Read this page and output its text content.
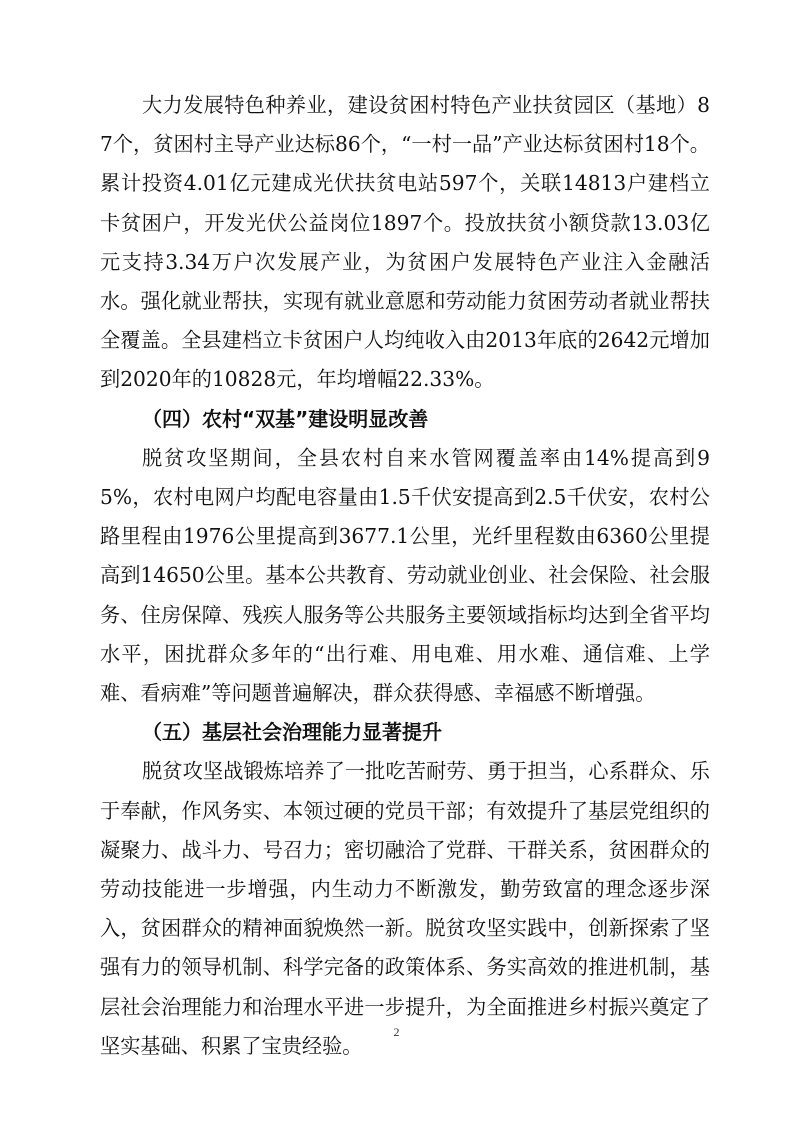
大力发展特色种养业，建设贫困村特色产业扶贫园区（基地）87个，贫困村主导产业达标86个，“一村一品”产业达标贫困村18个。累计投资4.01亿元建成光伏扶贫电站597个，关联14813户建档立卡贫困户，开发光伏公益岗位1897个。投放扶贫小额贷款13.03亿元支持3.34万户次发展产业，为贫困户发展特色产业注入金融活水。强化就业帮扶，实现有就业意愿和劳动能力贫困劳动者就业帮扶全覆盖。全县建档立卡贫困户人均纯收入由2013年底的2642元增加到2020年的10828元，年均增幅22.33%。

（四）农村“双基”建设明显改善

脱贫攻坚期间，全县农村自来水管网覆盖率由14%提高到95%，农村电网户均配电容量由1.5千伏安提高到2.5千伏安，农村公路里程由1976公里提高到3677.1公里，光纤里程数由6360公里提高到14650公里。基本公共教育、劳动就业创业、社会保险、社会服务、住房保障、残疾人服务等公共服务主要领域指标均达到全省平均水平，困扰群众多年的“出行难、用电难、用水难、通信难、上学难、看病难”等问题普遍解决，群众获得感、幸福感不断增强。

（五）基层社会治理能力显著提升

脱贫攻坚战锻炼培养了一批吃苦耐劳、勇于担当，心系群众、乐于奉献，作风务实、本领过硬的党员干部；有效提升了基层党组织的凝聚力、战斗力、号召力；密切融洽了党群、干群关系，贫困群众的劳动技能进一步增强，内生动力不断激发，勤劳致富的理念逐步深入，贫困群众的精神面貌焕然一新。脱贫攻坚实践中，创新探索了坚强有力的领导机制、科学完备的政策体系、务实高效的推进机制，基层社会治理能力和治理水平进一步提升，为全面推进乡村振兴奠定了坚实基础、积累了宝贵经验。

2
